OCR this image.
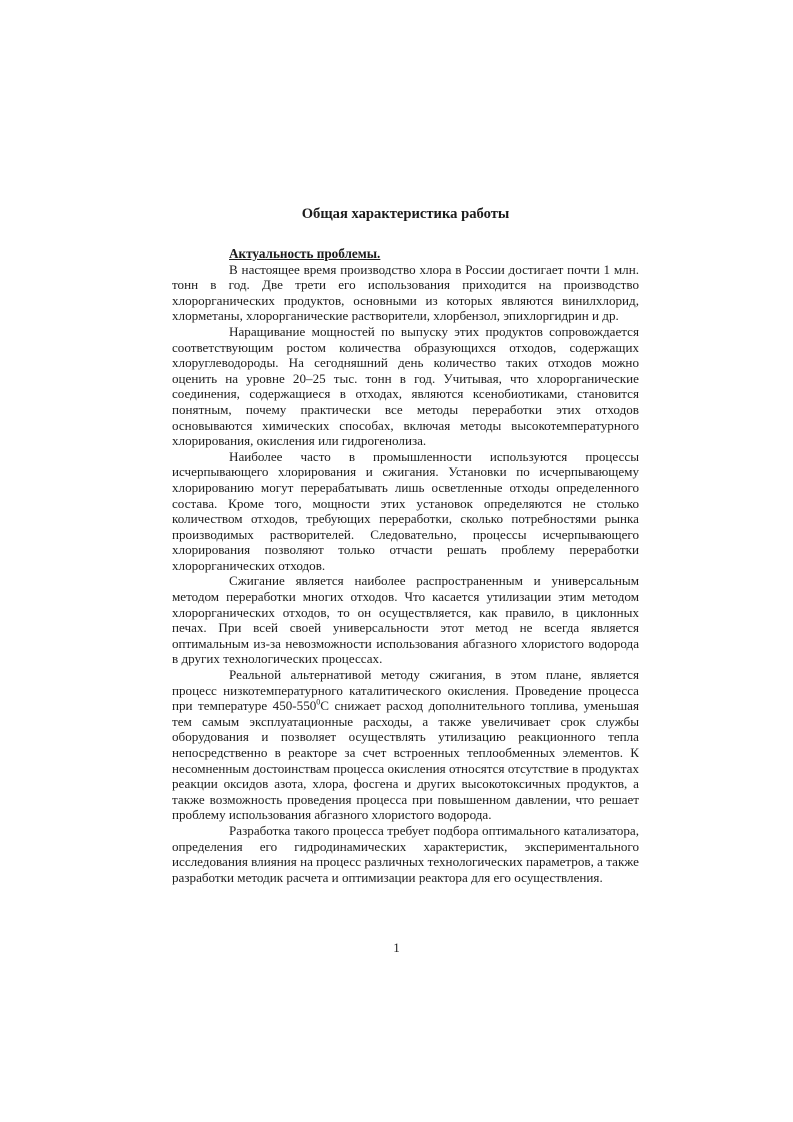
Общая характеристика работы
Актуальность проблемы.

В настоящее время производство хлора в России достигает почти 1 млн. тонн в год. Две трети его использования приходится на производство хлорорганических продуктов, основными из которых являются винилхлорид, хлорметаны, хлорорганические растворители, хлорбензол, эпихлоргидрин и др.

Наращивание мощностей по выпуску этих продуктов сопровождается соответствующим ростом количества образующихся отходов, содержащих хлоруглеводороды. На сегодняшний день количество таких отходов можно оценить на уровне 20–25 тыс. тонн в год. Учитывая, что хлорорганические соединения, содержащиеся в отходах, являются ксенобиотиками, становится понятным, почему практически все методы переработки этих отходов основываются химических способах, включая методы высокотемпературного хлорирования, окисления или гидрогенолиза.

Наиболее часто в промышленности используются процессы исчерпывающего хлорирования и сжигания. Установки по исчерпывающему хлорированию могут перерабатывать лишь осветленные отходы определенного состава. Кроме того, мощности этих установок определяются не столько количеством отходов, требующих переработки, сколько потребностями рынка производимых растворителей. Следовательно, процессы исчерпывающего хлорирования позволяют только отчасти решать проблему переработки хлорорганических отходов.

Сжигание является наиболее распространенным и универсальным методом переработки многих отходов. Что касается утилизации этим методом хлорорганических отходов, то он осуществляется, как правило, в циклонных печах. При всей своей универсальности этот метод не всегда является оптимальным из-за невозможности использования абгазного хлористого водорода в других технологических процессах.

Реальной альтернативой методу сжигания, в этом плане, является процесс низкотемпературного каталитического окисления. Проведение процесса при температуре $450-550^0С$ снижает расход дополнительного топлива, уменьшая тем самым эксплуатационные расходы, а также увеличивает срок службы оборудования и позволяет осуществлять утилизацию реакционного тепла непосредственно в реакторе за счет встроенных теплообменных элементов. К несомненным достоинствам процесса окисления относятся отсутствие в продуктах реакции оксидов азота, хлора, фосгена и других высокотоксичных продуктов, а также возможность проведения процесса при повышенном давлении, что решает проблему использования абгазного хлористого водорода.

Разработка такого процесса требует подбора оптимального катализатора, определения его гидродинамических характеристик, экспериментального исследования влияния на процесс различных технологических параметров, а также разработки методик расчета и оптимизации реактора для его осуществления.

1
